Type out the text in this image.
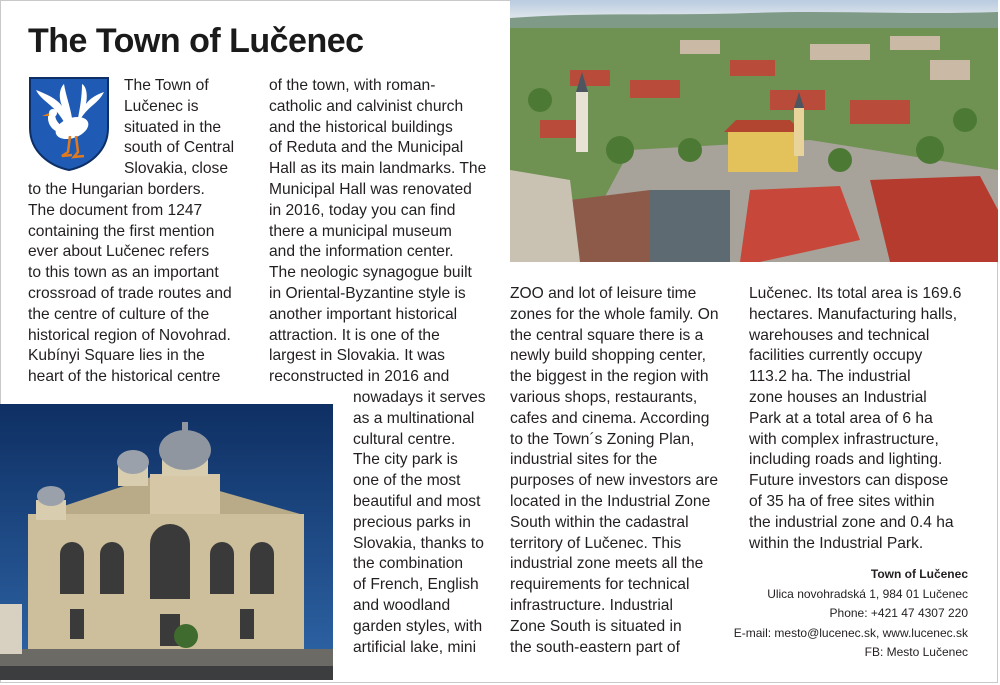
The Town of Lučenec

The Town of

Lučenec is

situated in the

south of Central

Slovakia, close

to the Hungarian borders.

The document from 1247

containing the first mention

ever about Lučenec refers

to this town as an important

crossroad of trade routes and

the centre of culture of the

historical region of Novohrad.

Kubínyi Square lies in the

heart of the historical centre

of the town, with roman-

catholic and calvinist church

and the historical buildings

of Reduta and the Municipal

Hall as its main landmarks. The

Municipal Hall was renovated

in 2016, today you can find

there a municipal museum

and the information center.

The neologic synagogue built

in Oriental-Byzantine style is

another important historical

attraction. It is one of the

largest in Slovakia. It was

reconstructed in 2016 and

nowadays it serves

as a multinational

cultural centre.

The city park is

one of the most

beautiful and most

precious parks in

Slovakia, thanks to

the combination

of French, English

and woodland

garden styles, with

artificial lake, mini

ZOO and lot of leisure time

zones for the whole family. On

the central square there is a

newly build shopping center,

the biggest in the region with

various shops, restaurants,

cafes and cinema. According

to the Town´s Zoning Plan,

industrial sites for the

purposes of new investors are

located in the Industrial Zone

South within the cadastral

territory of Lučenec. This

industrial zone meets all the

requirements for technical

infrastructure. Industrial

Zone South is situated in

the south-eastern part of

Lučenec. Its total area is 169.6

hectares. Manufacturing halls,

warehouses and technical

facilities currently occupy

113.2 ha. The industrial

zone houses an Industrial

Park at a total area of 6 ha

with complex infrastructure,

including roads and lighting.

Future investors can dispose

of 35 ha of free sites within

the industrial zone and 0.4 ha

within the Industrial Park.

Town of Lučenec
Ulica novohradská 1, 984 01 Lučenec
Phone: +421 47 4307 220
E-mail: mesto@lucenec.sk, www.lucenec.sk
FB: Mesto Lučenec
